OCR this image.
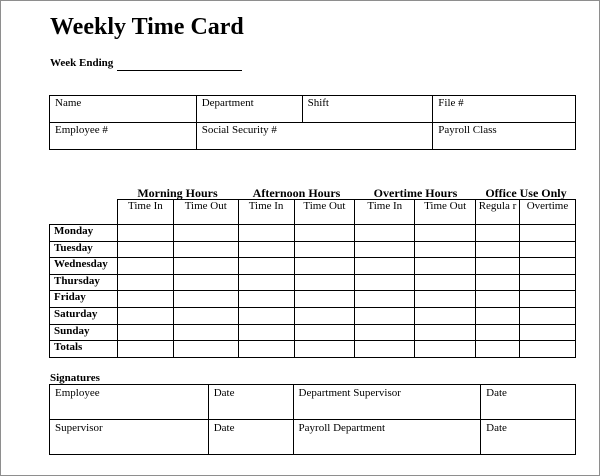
Weekly Time Card
Week Ending
Name	Department	Shift	File #
Employee #	Social Security #		Payroll Class
Morning Hours	Afternoon Hours	Overtime Hours	Office Use Only
	Time In	Time Out	Time In	Time Out	Time In	Time Out	Regula r	Overtime
Monday								
Tuesday								
Wednesday								
Thursday								
Friday								
Saturday								
Sunday								
Totals								
Signatures
Employee	Date	Department Supervisor	Date
Supervisor	Date	Payroll Department	Date
